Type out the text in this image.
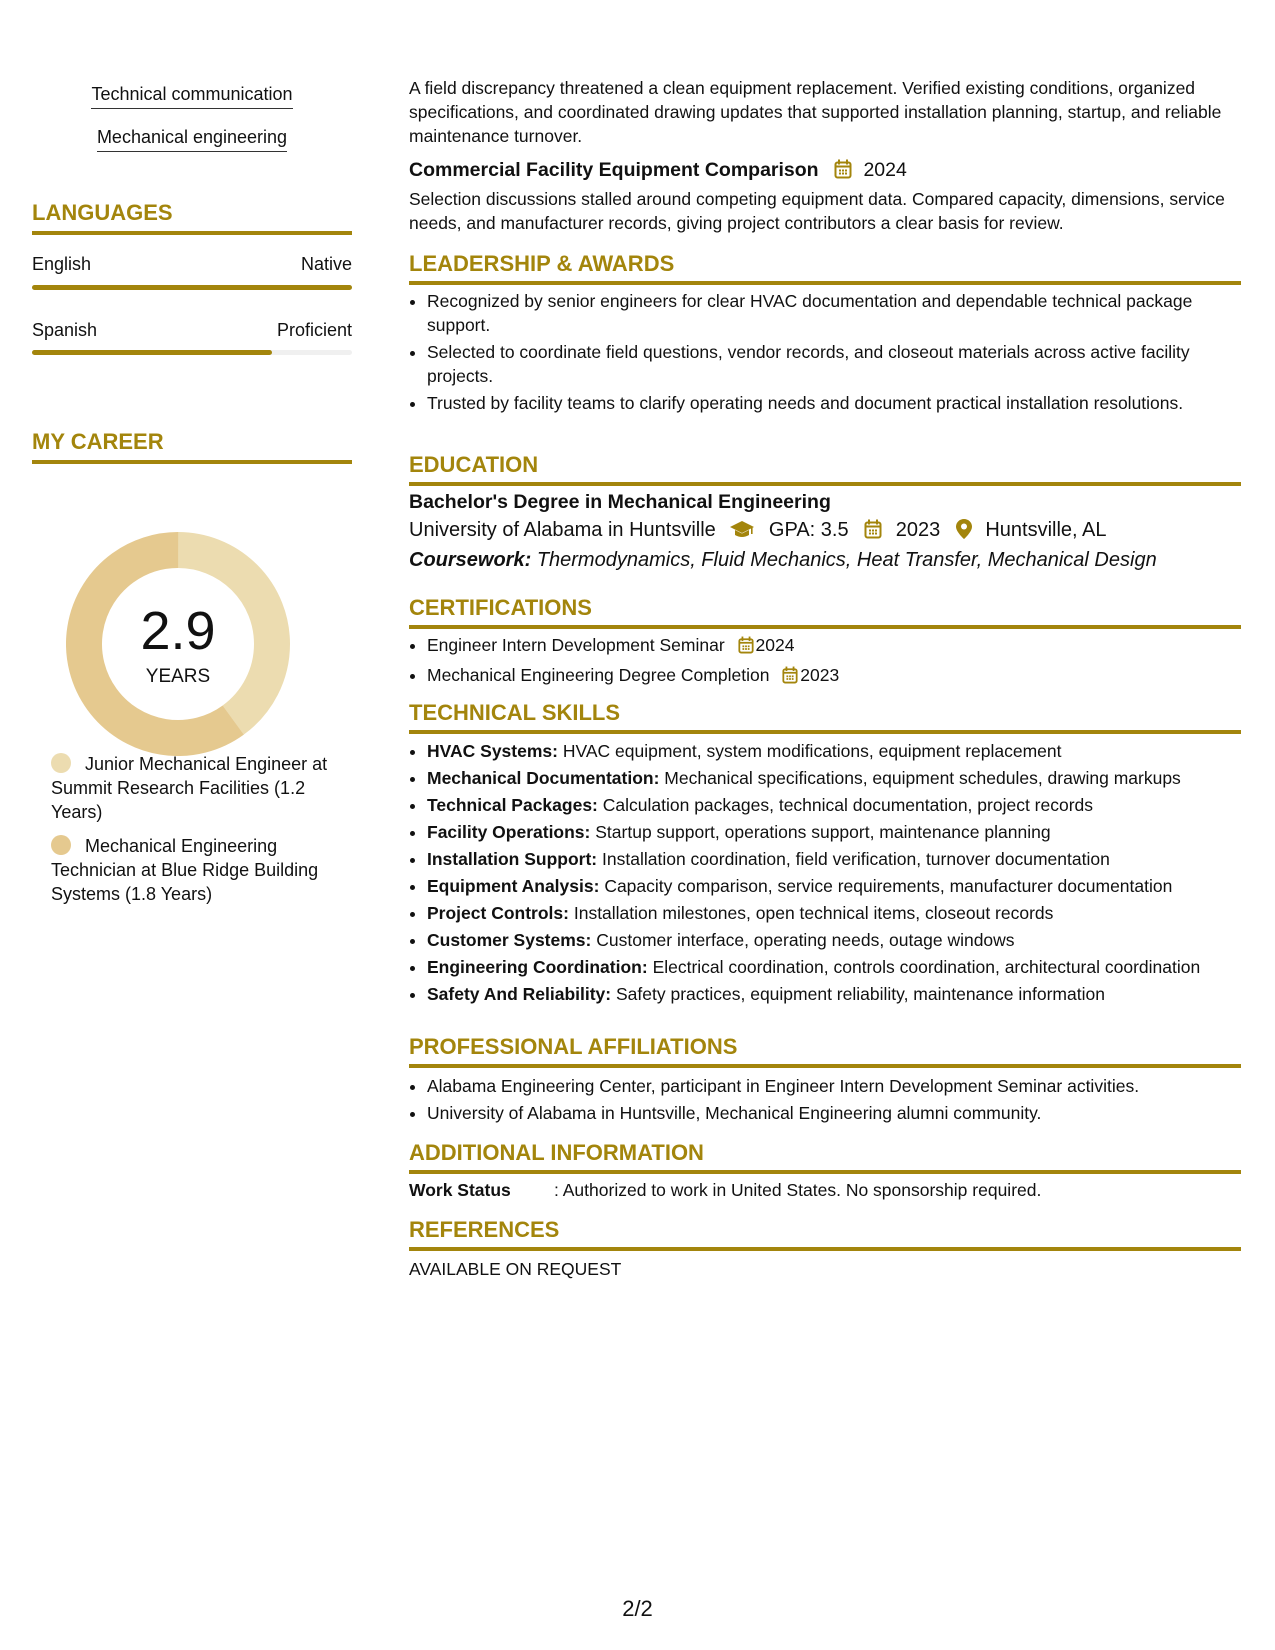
Technical communication
Mechanical engineering
LANGUAGES
English	Native
Spanish	Proficient
MY CAREER
2.9
YEARS
Junior Mechanical Engineer at Summit Research Facilities (1.2 Years)
Mechanical Engineering Technician at Blue Ridge Building Systems (1.8 Years)
A field discrepancy threatened a clean equipment replacement. Verified existing conditions, organized specifications, and coordinated drawing updates that supported installation planning, startup, and reliable maintenance turnover.
Commercial Facility Equipment Comparison 2024
Selection discussions stalled around competing equipment data. Compared capacity, dimensions, service needs, and manufacturer records, giving project contributors a clear basis for review.
LEADERSHIP & AWARDS
• Recognized by senior engineers for clear HVAC documentation and dependable technical package support.
• Selected to coordinate field questions, vendor records, and closeout materials across active facility projects.
• Trusted by facility teams to clarify operating needs and document practical installation resolutions.
EDUCATION
Bachelor's Degree in Mechanical Engineering
University of Alabama in Huntsville	GPA: 3.5 2023 Huntsville, AL
Coursework: Thermodynamics, Fluid Mechanics, Heat Transfer, Mechanical Design
CERTIFICATIONS
• Engineer Intern Development Seminar 2024
• Mechanical Engineering Degree Completion 2023
TECHNICAL SKILLS
• HVAC Systems: HVAC equipment, system modifications, equipment replacement
• Mechanical Documentation: Mechanical specifications, equipment schedules, drawing markups
• Technical Packages: Calculation packages, technical documentation, project records
• Facility Operations: Startup support, operations support, maintenance planning
• Installation Support: Installation coordination, field verification, turnover documentation
• Equipment Analysis: Capacity comparison, service requirements, manufacturer documentation
• Project Controls: Installation milestones, open technical items, closeout records
• Customer Systems: Customer interface, operating needs, outage windows
• Engineering Coordination: Electrical coordination, controls coordination, architectural coordination
• Safety And Reliability: Safety practices, equipment reliability, maintenance information
PROFESSIONAL AFFILIATIONS
• Alabama Engineering Center, participant in Engineer Intern Development Seminar activities.
• University of Alabama in Huntsville, Mechanical Engineering alumni community.
ADDITIONAL INFORMATION
Work Status : Authorized to work in United States. No sponsorship required.
REFERENCES
AVAILABLE ON REQUEST
2/2
